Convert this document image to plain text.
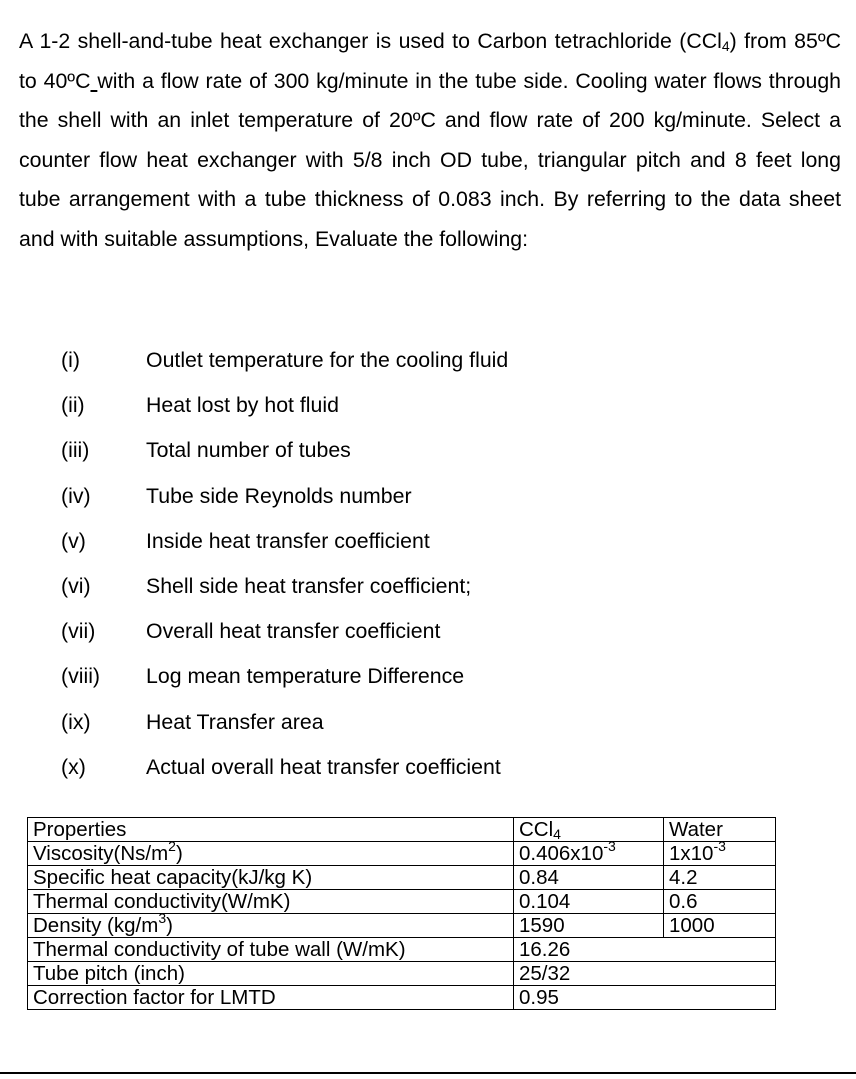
A 1-2 shell-and-tube heat exchanger is used to Carbon tetrachloride (CCl$_4$) from 85ºC to 40ºC with a flow rate of 300 kg/minute in the tube side. Cooling water flows through the shell with an inlet temperature of 20ºC and flow rate of 200 kg/minute. Select a counter flow heat exchanger with 5/8 inch OD tube, triangular pitch and 8 feet long tube arrangement with a tube thickness of 0.083 inch. By referring to the data sheet and with suitable assumptions, Evaluate the following:

(i)	Outlet temperature for the cooling fluid
(ii)	Heat lost by hot fluid
(iii)	Total number of tubes
(iv)	Tube side Reynolds number
(v)	Inside heat transfer coefficient
(vi)	Shell side heat transfer coefficient;
(vii) Overall heat transfer coefficient
(viii) Log mean temperature Difference
(ix)	Heat Transfer area
(x)	Actual overall heat transfer coefficient
Properties	CCl$_4$	Water
$Viscosity(Ns/m^2)$	$0.406x10^{-3}$	$1x10^{-3}$
Specific heat capacity(kJ/kg K)	0.84	4.2
Thermal conductivity(W/mK)	0.104	0.6
Density $(kg/m^3)$	1590	1000
Thermal conductivity of tube wall (W/mK)	16.26	
Tube pitch (inch)	25/32	
Correction factor for LMTD	0.95	
